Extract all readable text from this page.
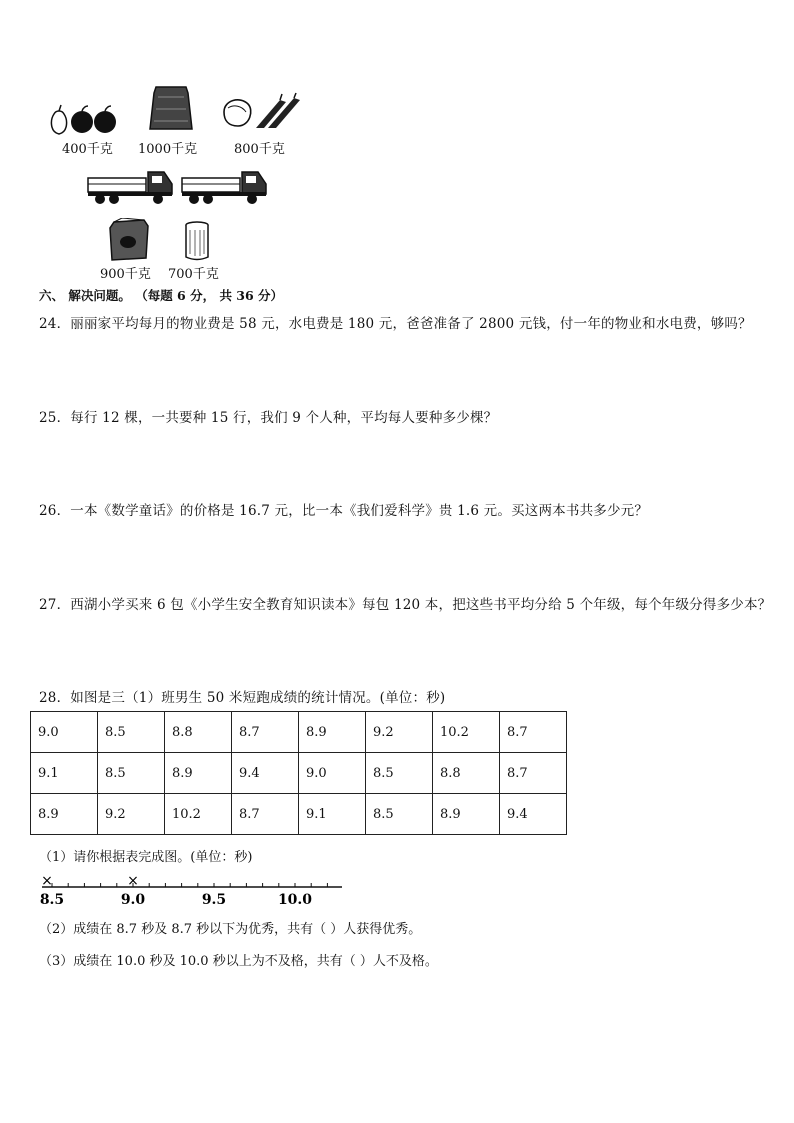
400千克 1000千克	800千克
900千克 700千克
六、 解决问题。 （每题 6 分， 共 36 分）
24．丽丽家平均每月的物业费是 58 元，水电费是 180 元，爸爸准备了 2800 元钱，付一年的物业和水电费，够吗？
25．每行 12 棵，一共要种 15 行，我们 9 个人种，平均每人要种多少棵？
26．一本《数学童话》的价格是 16.7 元，比一本《我们爱科学》贵 1.6 元。买这两本书共多少元？
27．西湖小学买来 6 包《小学生安全教育知识读本》每包 120 本，把这些书平均分给 5 个年级，每个年级分得多少本？
28．如图是三（1）班男生 50 米短跑成绩的统计情况。(单位：秒)
9.0	8.5	8.8	8.7	8.9	9.2	10.2	8.7
9.1	8.5	8.9	9.4	9.0	8.5	8.8	8.7
8.9	9.2	10.2	8.7	9.1	8.5	8.9	9.4
（1）请你根据表完成图。(单位：秒)
×	×
8.5	9.0	9.5	10.0
（2）成绩在 8.7 秒及 8.7 秒以下为优秀，共有（ ）人获得优秀。
（3）成绩在 10.0 秒及 10.0 秒以上为不及格，共有（ ）人不及格。
